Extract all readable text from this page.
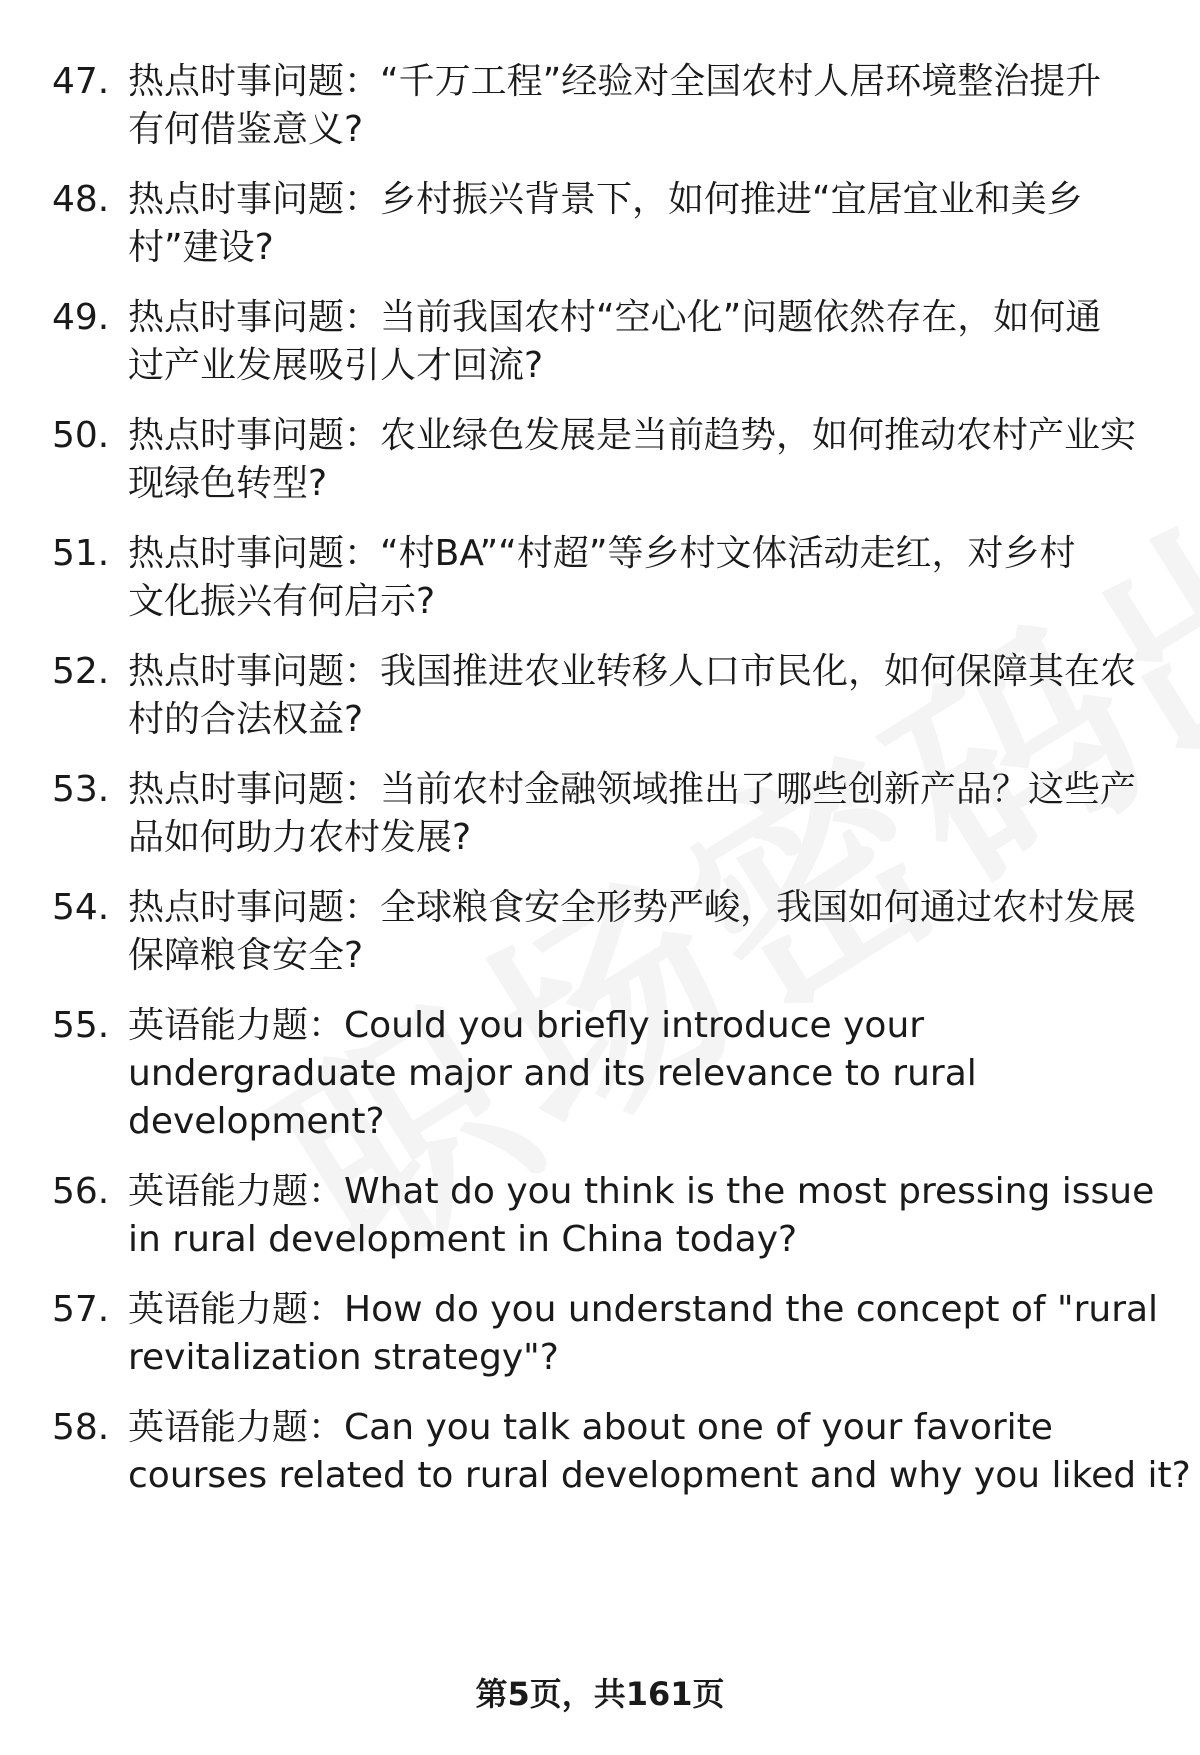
47. 热点时事问题：“千万工程”经验对全国农村人居环境整治提升
有何借鉴意义?
48. 热点时事问题：乡村振兴背景下，如何推进“宜居宜业和美乡
村”建设?
49. 热点时事问题：当前我国农村“空心化”问题依然存在，如何通
过产业发展吸引人才回流?
50. 热点时事问题：农业绿色发展是当前趋势，如何推动农村产业实
现绿色转型?
51. 热点时事问题：“村BA”“村超”等乡村文体活动走红，对乡村
文化振兴有何启示?
52. 热点时事问题：我国推进农业转移人口市民化，如何保障其在农
村的合法权益?
53. 热点时事问题：当前农村金融领域推出了哪些创新产品？这些产
品如何助力农村发展?
54. 热点时事问题：全球粮食安全形势严峻，我国如何通过农村发展
保障粮食安全?
55. 英语能力题：Could you briefly introduce your
undergraduate major and its relevance to rural
development?
56. 英语能力题：What do you think is the most pressing issue
in rural development in China today?
57. 英语能力题：How do you understand the concept of "rural
revitalization strategy"?
58. 英语能力题：Can you talk about one of your favorite
courses related to rural development and why you liked it?
第5页，共161页
